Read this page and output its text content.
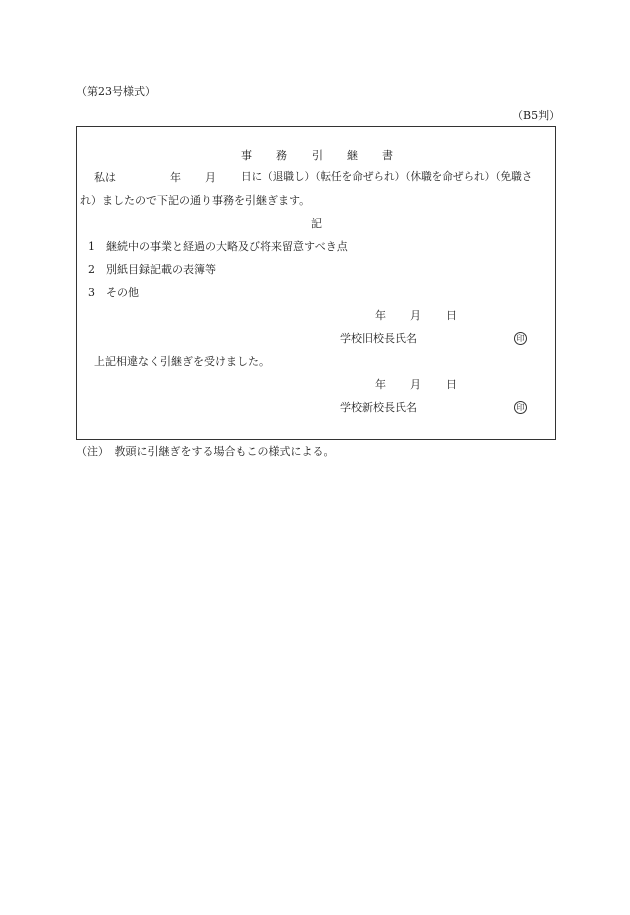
（第23号様式）
（B5判）
事 務 引 継 書
私は	年 月 日に（退職し）（転任を命ぜられ）（休職を命ぜられ）（免職さ
れ）ましたので下記の通り事務を引継ぎます。
記
1 継続中の事業と経過の大略及び将来留意すべき点
2 別紙目録記載の表簿等
3 その他
年 月 日
学校旧校長氏名	印
上記相違なく引継ぎを受けました。
年 月 日
学校新校長氏名	印
（注）　教頭に引継ぎをする場合もこの様式による。
